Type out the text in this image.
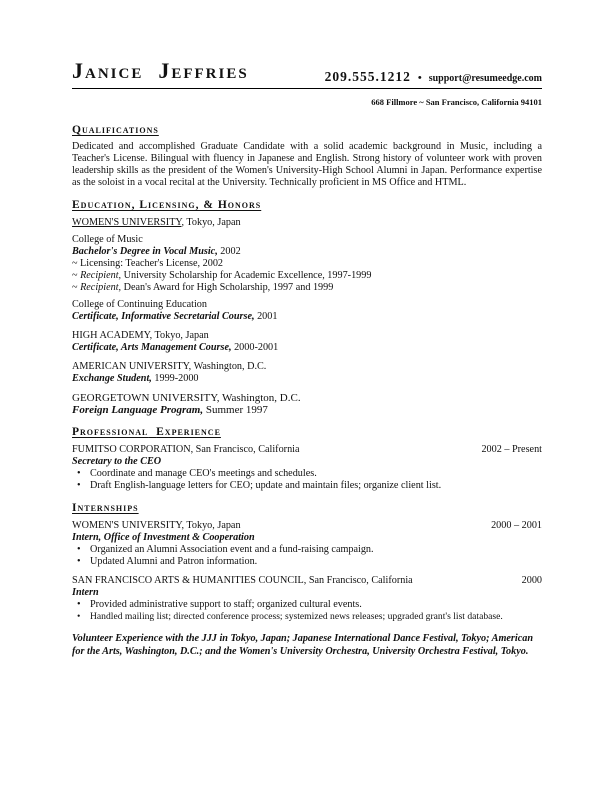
Janice Jeffries	209.555.1212 • support@resumeedge.com
668 Fillmore ~ San Francisco, California 94101

Qualifications

Dedicated and accomplished Graduate Candidate with a solid academic background in Music, including a Teacher's License. Bilingual with fluency in Japanese and English. Strong history of volunteer work with proven leadership skills as the president of the Women's University-High School Alumni in Japan. Performance expertise as the soloist in a vocal recital at the University. Technically proficient in MS Office and HTML.

Education, Licensing, & Honors

WOMEN'S UNIVERSITY, Tokyo, Japan

College of Music

Bachelor's Degree in Vocal Music, 2002

~ Licensing: Teacher's License, 2002

~ Recipient, University Scholarship for Academic Excellence, 1997-1999

~ Recipient, Dean's Award for High Scholarship, 1997 and 1999

College of Continuing Education

Certificate, Informative Secretarial Course, 2001

HIGH ACADEMY, Tokyo, Japan

Certificate, Arts Management Course, 2000-2001

AMERICAN UNIVERSITY, Washington, D.C.

Exchange Student, 1999-2000

GEORGETOWN UNIVERSITY, Washington, D.C.

Foreign Language Program, Summer 1997

Professional Experience

FUMITSO CORPORATION, San Francisco, California	2002 – Present

Secretary to the CEO

• Coordinate and manage CEO's meetings and schedules.
• Draft English-language letters for CEO; update and maintain files; organize client list.

Internships

WOMEN'S UNIVERSITY, Tokyo, Japan	2000 – 2001

Intern, Office of Investment & Cooperation

• Organized an Alumni Association event and a fund-raising campaign.
• Updated Alumni and Patron information.
SAN FRANCISCO ARTS & HUMANITIES COUNCIL, San Francisco, California	2000

Intern

• Provided administrative support to staff; organized cultural events.
• Handled mailing list; directed conference process; systemized news releases; upgraded grant's list database.

Volunteer Experience with the JJJ in Tokyo, Japan; Japanese International Dance Festival, Tokyo; American for the Arts, Washington, D.C.; and the Women's University Orchestra, University Orchestra Festival, Tokyo.
